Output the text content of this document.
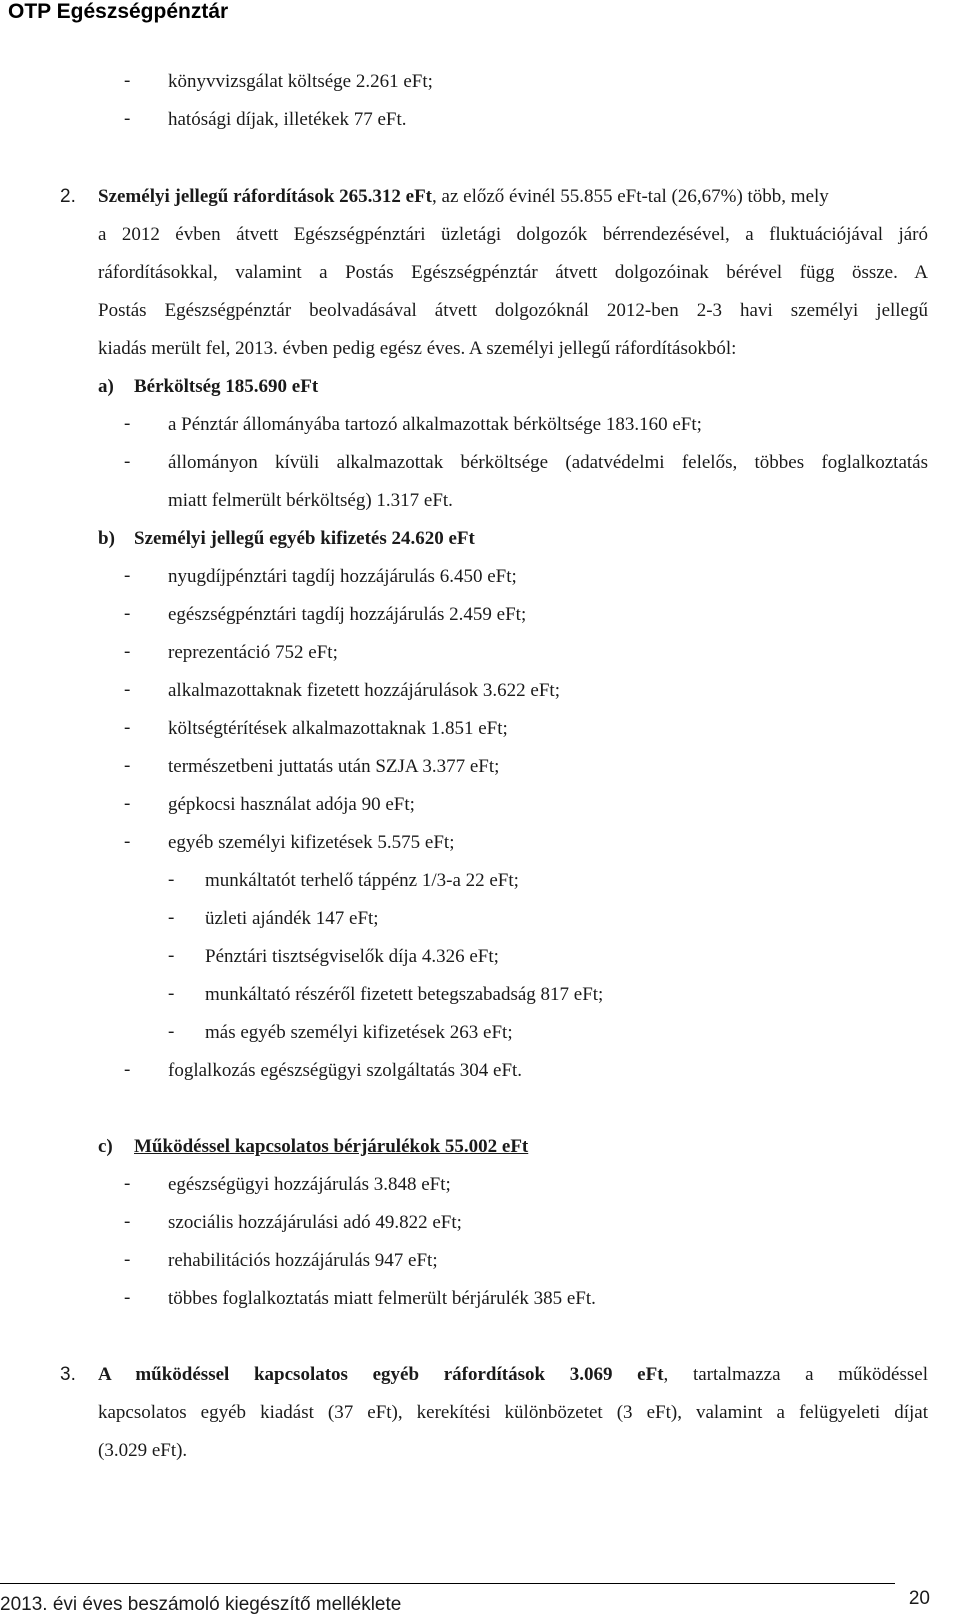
OTP Egészségpénztár
- könyvvizsgálat költsége 2.261 eFt;
- hatósági díjak, illetékek 77 eFt.
2. Személyi jellegű ráfordítások 265.312 eFt, az előző évinél 55.855 eFt-tal (26,67%) több, mely
a 2012 évben átvett Egészségpénztári üzletági dolgozók bérrendezésével, a fluktuációjával járó
ráfordításokkal, valamint a Postás Egészségpénztár átvett dolgozóinak bérével függ össze. A
Postás Egészségpénztár beolvadásával átvett dolgozóknál 2012-ben 2-3 havi személyi jellegű
kiadás merült fel, 2013. évben pedig egész éves. A személyi jellegű ráfordításokból:
a) Bérköltség 185.690 eFt
- a Pénztár állományába tartozó alkalmazottak bérköltsége 183.160 eFt;
- állományon kívüli alkalmazottak bérköltsége (adatvédelmi felelős, többes foglalkoztatás
miatt felmerült bérköltség) 1.317 eFt.
b) Személyi jellegű egyéb kifizetés 24.620 eFt
- nyugdíjpénztári tagdíj hozzájárulás 6.450 eFt;
- egészségpénztári tagdíj hozzájárulás 2.459 eFt;
- reprezentáció 752 eFt;
- alkalmazottaknak fizetett hozzájárulások 3.622 eFt;
- költségtérítések alkalmazottaknak 1.851 eFt;
- természetbeni juttatás után SZJA 3.377 eFt;
- gépkocsi használat adója 90 eFt;
- egyéb személyi kifizetések 5.575 eFt;
- munkáltatót terhelő táppénz 1/3-a 22 eFt;
- üzleti ajándék 147 eFt;
- Pénztári tisztségviselők díja 4.326 eFt;
- munkáltató részéről fizetett betegszabadság 817 eFt;
- más egyéb személyi kifizetések 263 eFt;
- foglalkozás egészségügyi szolgáltatás 304 eFt.
c) Működéssel kapcsolatos bérjárulékok 55.002 eFt
- egészségügyi hozzájárulás 3.848 eFt;
- szociális hozzájárulási adó 49.822 eFt;
- rehabilitációs hozzájárulás 947 eFt;
- többes foglalkoztatás miatt felmerült bérjárulék 385 eFt.
3. A működéssel kapcsolatos egyéb ráfordítások 3.069 eFt, tartalmazza a működéssel
kapcsolatos egyéb kiadást (37 eFt), kerekítési különbözetet (3 eFt), valamint a felügyeleti díjat
(3.029 eFt).
2013. évi éves beszámoló kiegészítő melléklete	20
